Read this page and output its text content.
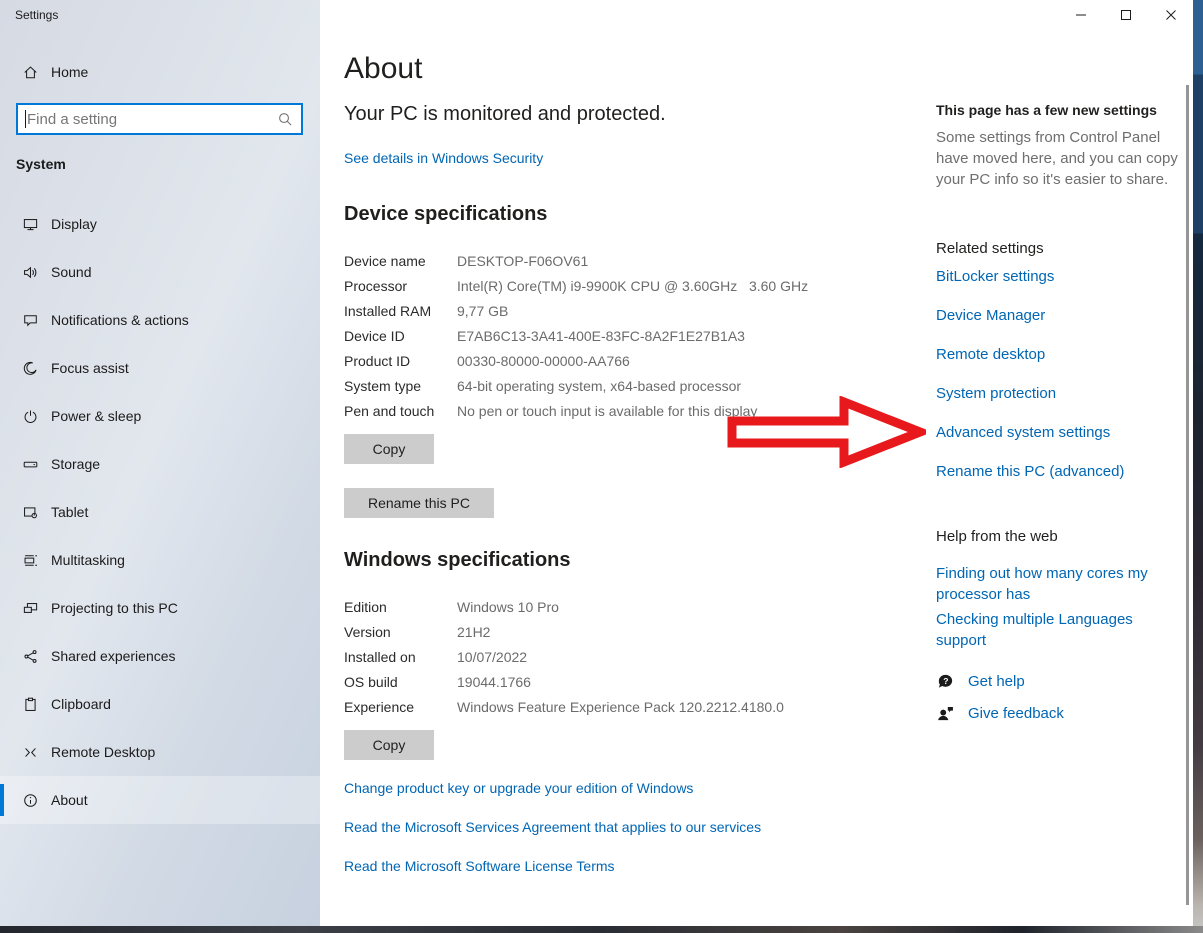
Settings
Home
Find a setting
System
Display
Sound
Notifications & actions
Focus assist
Power & sleep
Storage
Tablet
Multitasking
Projecting to this PC
Shared experiences
Clipboard
Remote Desktop
About
About
Your PC is monitored and protected.
See details in Windows Security
Device specifications
Device name	DESKTOP-F06OV61
Processor	Intel(R) Core(TM) i9-9900K CPU @ 3.60GHz   3.60 GHz
Installed RAM	9,77 GB
Device ID	E7AB6C13-3A41-400E-83FC-8A2F1E27B1A3
Product ID	00330-80000-00000-AA766
System type	64-bit operating system, x64-based processor
Pen and touch	No pen or touch input is available for this display
Copy
Rename this PC
Windows specifications
Edition	Windows 10 Pro
Version	21H2
Installed on	10/07/2022
OS build	19044.1766
Experience	Windows Feature Experience Pack 120.2212.4180.0
Copy
Change product key or upgrade your edition of Windows
Read the Microsoft Services Agreement that applies to our services
Read the Microsoft Software License Terms
This page has a few new settings
Some settings from Control Panel have moved here, and you can copy your PC info so it's easier to share.
Related settings
BitLocker settings
Device Manager
Remote desktop
System protection
Advanced system settings
Rename this PC (advanced)
Help from the web
Finding out how many cores my processor has
Checking multiple Languages support
? Get help
Give feedback
